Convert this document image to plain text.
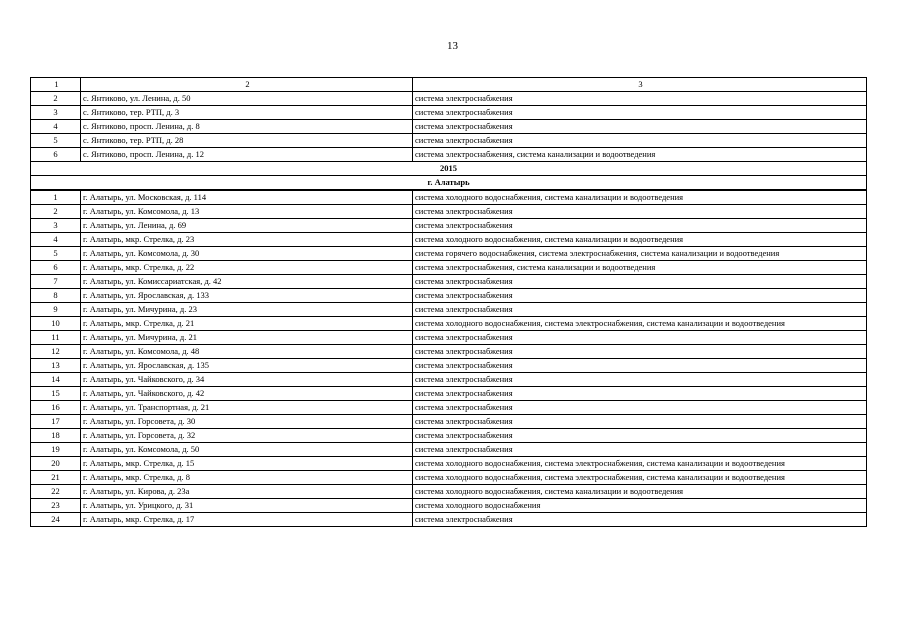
13
1	2	3
2	с. Янтиково, ул. Ленина, д. 50	система электроснабжения
3	с. Янтиково, тер. РТП, д. 3	система электроснабжения
4	с. Янтиково, просп. Ленина, д. 8	система электроснабжения
5	с. Янтиково, тер. РТП, д. 28	система электроснабжения
6	с. Янтиково, просп. Ленина, д. 12	система электроснабжения, система канализации и водоотведения
2015		
г. Алатырь		
1	г. Алатырь, ул. Московская, д. 114	система холодного водоснабжения, система канализации и водоотведения
2	г. Алатырь, ул. Комсомола, д. 13	система электроснабжения
3	г. Алатырь, ул. Ленина, д. 69	система электроснабжения
4	г. Алатырь, мкр. Стрелка, д. 23	система холодного водоснабжения, система канализации и водоотведения
5	г. Алатырь, ул. Комсомола, д. 30	система горячего водоснабжения, система электроснабжения, система канализации и водоотведения
6	г. Алатырь, мкр. Стрелка, д. 22	система электроснабжения, система канализации и водоотведения
7	г. Алатырь, ул. Комиссариатская, д. 42	система электроснабжения
8	г. Алатырь, ул. Ярославская, д. 133	система электроснабжения
9	г. Алатырь, ул. Мичурина, д. 23	система электроснабжения
10	г. Алатырь, мкр. Стрелка, д. 21	система холодного водоснабжения, система электроснабжения, система канализации и водоотведения
11	г. Алатырь, ул. Мичурина, д. 21	система электроснабжения
12	г. Алатырь, ул. Комсомола, д. 48	система электроснабжения
13	г. Алатырь, ул. Ярославская, д. 135	система электроснабжения
14	г. Алатырь, ул. Чайковского, д. 34	система электроснабжения
15	г. Алатырь, ул. Чайковского, д. 42	система электроснабжения
16	г. Алатырь, ул. Транспортная, д. 21	система электроснабжения
17	г. Алатырь, ул. Горсовета, д. 30	система электроснабжения
18	г. Алатырь, ул. Горсовета, д. 32	система электроснабжения
19	г. Алатырь, ул. Комсомола, д. 50	система электроснабжения
20	г. Алатырь, мкр. Стрелка, д. 15	система холодного водоснабжения, система электроснабжения, система канализации и водоотведения
21	г. Алатырь, мкр. Стрелка, д. 8	система холодного водоснабжения, система электроснабжения, система канализации и водоотведения
22	г. Алатырь, ул. Кирова, д. 23а	система холодного водоснабжения, система канализации и водоотведения
23	г. Алатырь, ул. Урицкого, д. 31	система холодного водоснабжения
24	г. Алатырь, мкр. Стрелка, д. 17	система электроснабжения
